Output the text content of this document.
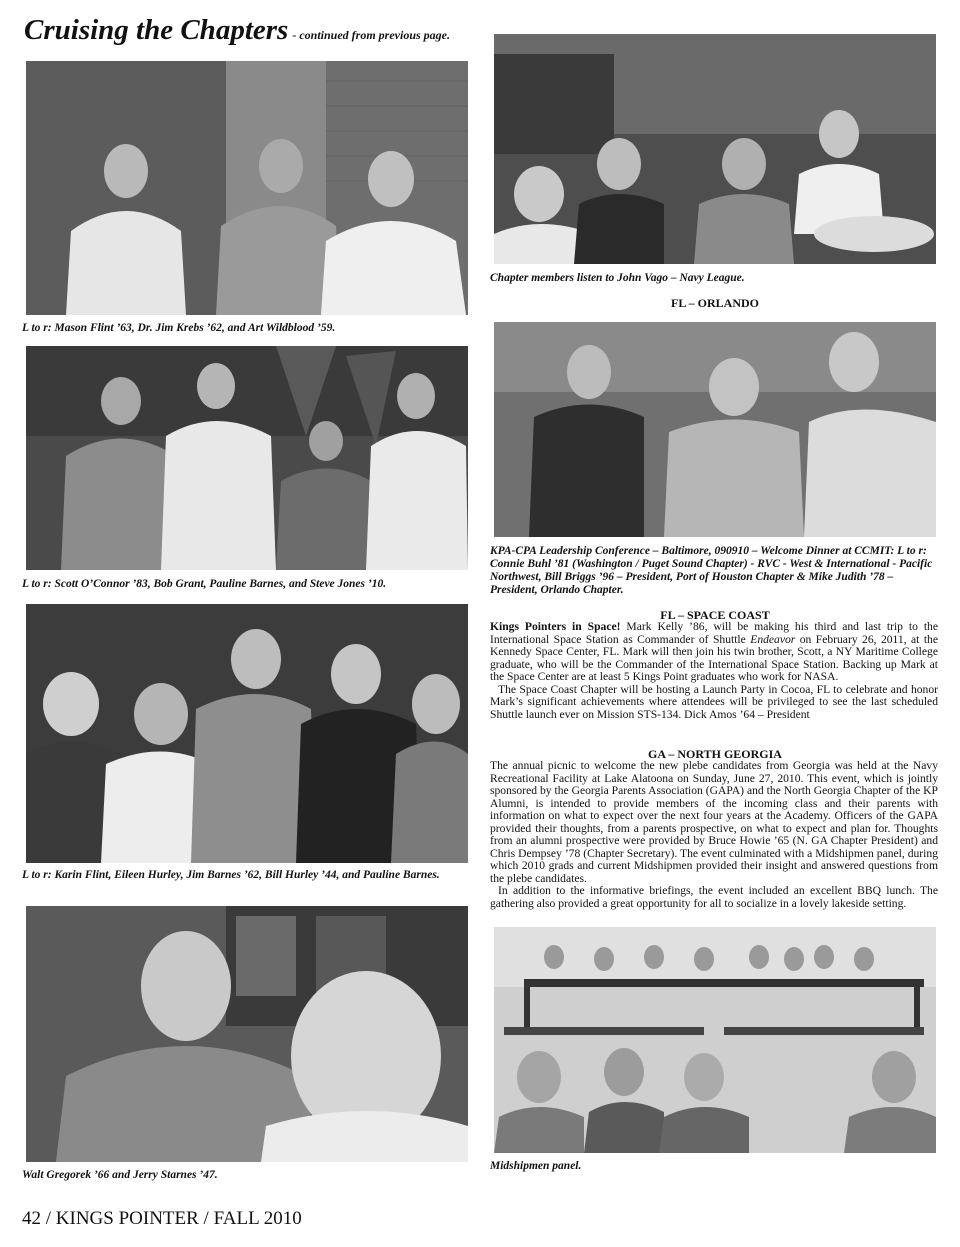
Cruising the Chapters - continued from previous page.
L to r: Mason Flint ’63, Dr. Jim Krebs ’62, and Art Wildblood ’59.
L to r: Scott O’Connor ’83, Bob Grant, Pauline Barnes, and Steve Jones ’10.
L to r: Karin Flint, Eileen Hurley, Jim Barnes ’62, Bill Hurley ’44, and Pauline Barnes.
Walt Gregorek ’66 and Jerry Starnes ’47.
Chapter members listen to John Vago – Navy League.
FL – ORLANDO
KPA-CPA Leadership Conference – Baltimore, 090910 – Welcome Dinner at CCMIT: L to r: Connie Buhl ’81 (Washington / Puget Sound Chapter) - RVC - West & International - Pacific Northwest, Bill Briggs ’96 – President, Port of Houston Chapter & Mike Judith ’78 – President, Orlando Chapter.
FL – SPACE COAST

Kings Pointers in Space! Mark Kelly ’86, will be making his third and last trip to the International Space Station as Commander of Shuttle Endeavor on February 26, 2011, at the Kennedy Space Center, FL. Mark will then join his twin brother, Scott, a NY Maritime College graduate, who will be the Commander of the International Space Station. Backing up Mark at the Space Center are at least 5 Kings Point graduates who work for NASA.

The Space Coast Chapter will be hosting a Launch Party in Cocoa, FL to celebrate and honor Mark’s significant achievements where attendees will be privileged to see the last scheduled Shuttle launch ever on Mission STS-134. Dick Amos ’64 – President

GA – NORTH GEORGIA

The annual picnic to welcome the new plebe candidates from Georgia was held at the Navy Recreational Facility at Lake Alatoona on Sunday, June 27, 2010. This event, which is jointly sponsored by the Georgia Parents Association (GAPA) and the North Georgia Chapter of the KP Alumni, is intended to provide members of the incoming class and their parents with information on what to expect over the next four years at the Academy. Officers of the GAPA provided their thoughts, from a parents prospective, on what to expect and plan for. Thoughts from an alumni prospective were provided by Bruce Howie ’65 (N. GA Chapter President) and Chris Dempsey ’78 (Chapter Secretary). The event culminated with a Midshipmen panel, during which 2010 grads and current Midshipmen provided their insight and answered questions from the plebe candidates.

In addition to the informative briefings, the event included an excellent BBQ lunch. The gathering also provided a great opportunity for all to socialize in a lovely lakeside setting.

Midshipmen panel.
42 / KINGS POINTER / FALL 2010
